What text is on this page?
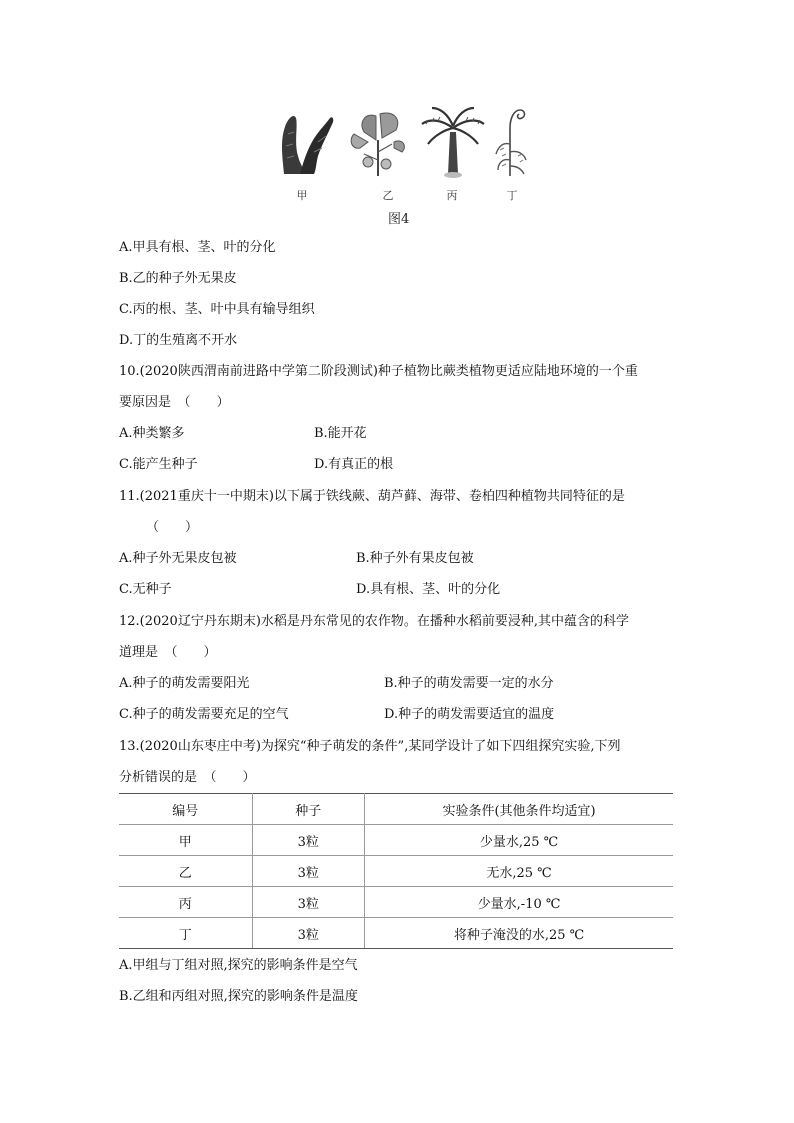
甲	乙	丙	丁
图4
A.甲具有根、茎、叶的分化
B.乙的种子外无果皮
C.丙的根、茎、叶中具有输导组织
D.丁的生殖离不开水
10.(2020陕西渭南前进路中学第二阶段测试)种子植物比蕨类植物更适应陆地环境的一个重
要原因是　（　　）
A.种类繁多	B.能开花
C.能产生种子	D.有真正的根
11.(2021重庆十一中期末)以下属于铁线蕨、葫芦藓、海带、卷柏四种植物共同特征的是
（　　）
A.种子外无果皮包被	B.种子外有果皮包被
C.无种子	D.具有根、茎、叶的分化
12.(2020辽宁丹东期末)水稻是丹东常见的农作物。在播种水稻前要浸种,其中蕴含的科学
道理是　（　　）
A.种子的萌发需要阳光	B.种子的萌发需要一定的水分
C.种子的萌发需要充足的空气	D.种子的萌发需要适宜的温度
13.(2020山东枣庄中考)为探究“种子萌发的条件”,某同学设计了如下四组探究实验,下列
分析错误的是　（　　）
编号	种子	实验条件(其他条件均适宜)
甲	3粒	少量水,25 ℃
乙	3粒	无水,25 ℃
丙	3粒	少量水,-10 ℃
丁	3粒	将种子淹没的水,25 ℃
A.甲组与丁组对照,探究的影响条件是空气
B.乙组和丙组对照,探究的影响条件是温度
